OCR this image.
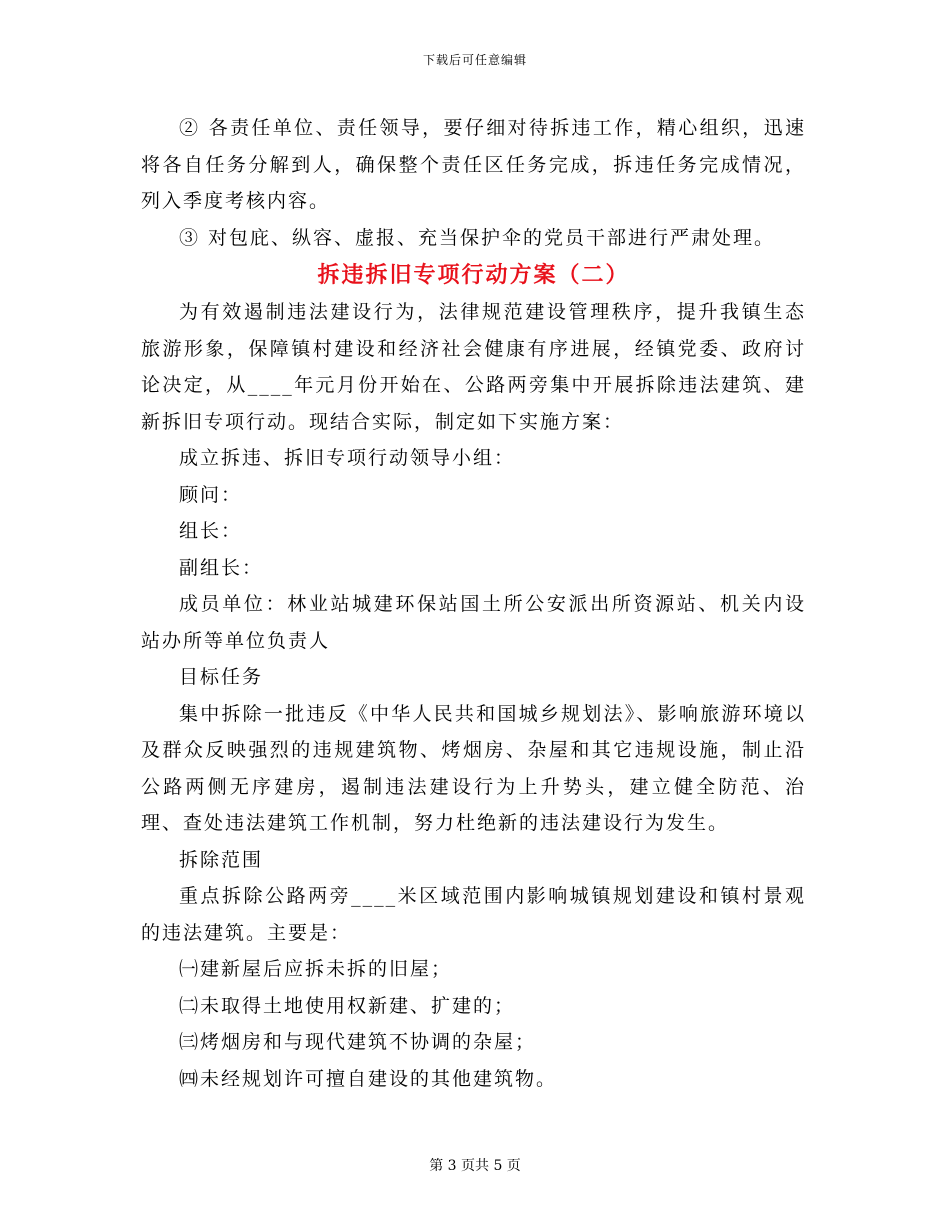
下载后可任意编辑

② 各责任单位、责任领导，要仔细对待拆违工作，精心组织，迅速将各自任务分解到人，确保整个责任区任务完成，拆违任务完成情况，列入季度考核内容。

③ 对包庇、纵容、虚报、充当保护伞的党员干部进行严肃处理。

拆违拆旧专项行动方案（二）

为有效遏制违法建设行为，法律规范建设管理秩序，提升我镇生态旅游形象，保障镇村建设和经济社会健康有序进展，经镇党委、政府讨论决定，从____年元月份开始在、公路两旁集中开展拆除违法建筑、建新拆旧专项行动。现结合实际，制定如下实施方案：

成立拆违、拆旧专项行动领导小组：

顾问：

组长：

副组长：

成员单位：林业站城建环保站国土所公安派出所资源站、机关内设站办所等单位负责人

目标任务

集中拆除一批违反《中华人民共和国城乡规划法》、影响旅游环境以及群众反映强烈的违规建筑物、烤烟房、杂屋和其它违规设施，制止沿公路两侧无序建房，遏制违法建设行为上升势头，建立健全防范、治理、查处违法建筑工作机制，努力杜绝新的违法建设行为发生。

拆除范围

重点拆除公路两旁____米区域范围内影响城镇规划建设和镇村景观的违法建筑。主要是：

㈠建新屋后应拆未拆的旧屋；

㈡未取得土地使用权新建、扩建的；

㈢烤烟房和与现代建筑不协调的杂屋；

㈣未经规划许可擅自建设的其他建筑物。

第 3 页共 5 页
